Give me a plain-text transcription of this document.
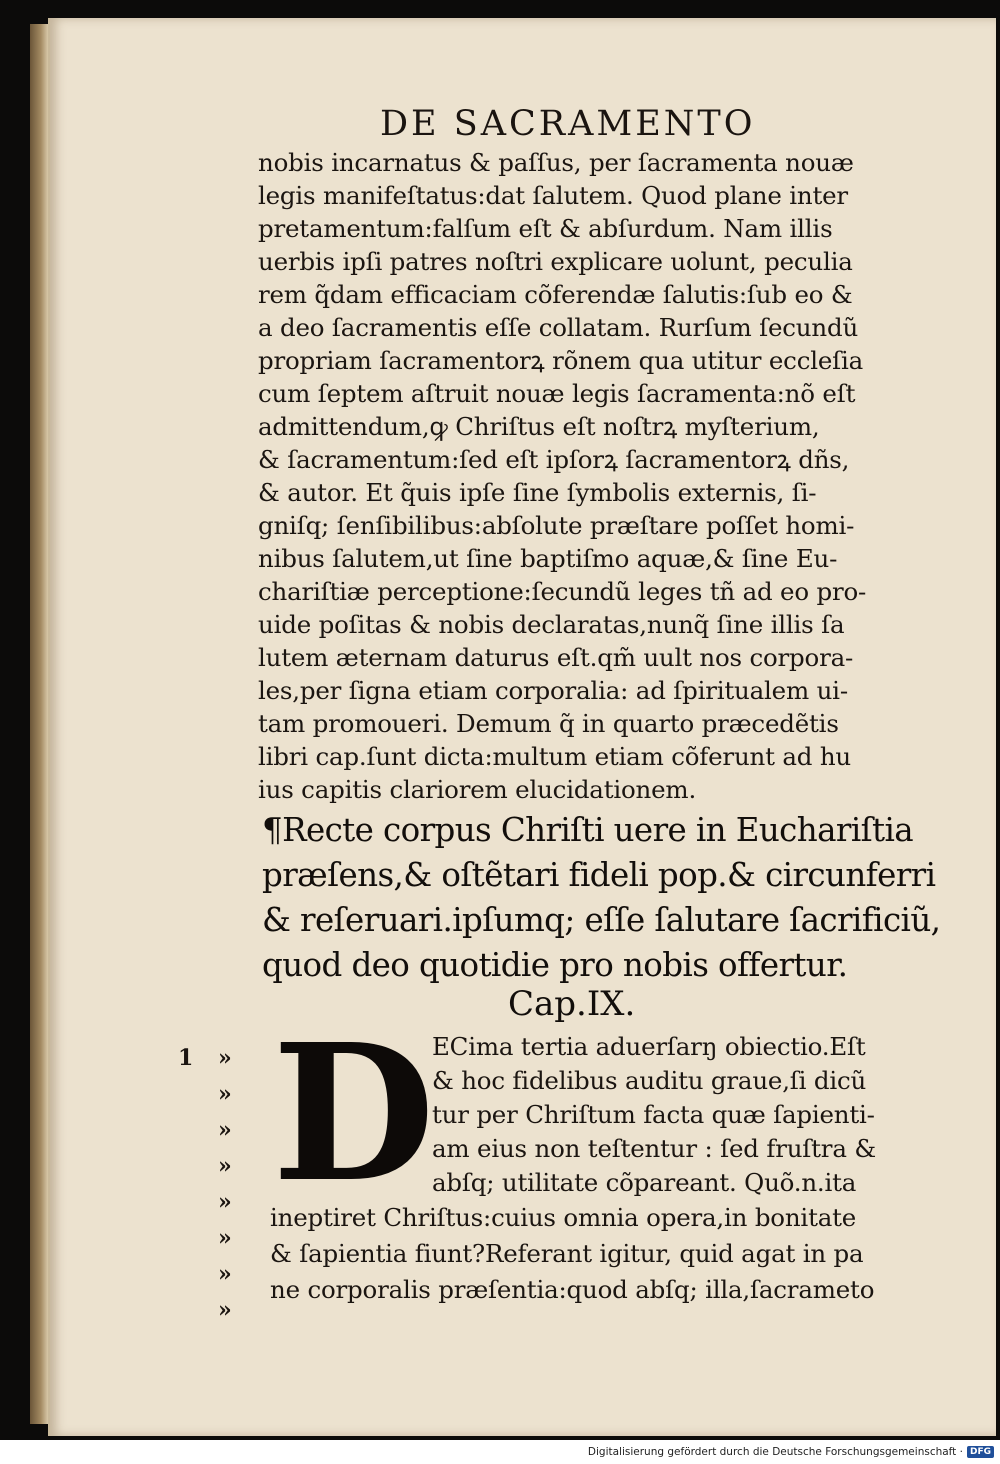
DE SACRAMENTO
nobis incarnatus & paſſus, per ſacramenta nouæ
legis manifeſtatus:dat ſalutem. Quod plane inter
pretamentum:falſum eſt & abſurdum. Nam illis
uerbis ipſi patres noſtri explicare uolunt, peculia
rem q̃dam efficaciam cõferendæ ſalutis:ſub eo &
a deo ſacramentis eſſe collatam. Rurſum ſecundũ
propriam ſacramentorꝝ rõnem qua utitur eccleſia
cum ſeptem aſtruit nouæ legis ſacramenta:nõ eſt
admittendum,ꝙ Chriſtus eſt noſtrꝝ myſterium,
& ſacramentum:ſed eſt ipſorꝝ ſacramentorꝝ dñs,
& autor. Et q̃uis ipſe ſine ſymbolis externis, ſi-
gniſq; ſenſibilibus:abſolute præſtare poſſet homi-
nibus ſalutem,ut ſine baptiſmo aquæ,& ſine Eu-
chariſtiæ perceptione:ſecundũ leges tñ ad eo pro-
uide poſitas & nobis declaratas,nunq̃ ſine illis ſa
lutem æternam daturus eſt.qm̃ uult nos corpora-
les,per ſigna etiam corporalia: ad ſpiritualem ui-
tam promoueri. Demum q̃ in quarto præcedẽtis
libri cap.ſunt dicta:multum etiam cõferunt ad hu
ius capitis clariorem elucidationem.
¶Recte corpus Chriſti uere in Euchariſtia
præſens,& oſtẽtari fideli pop.& circunferri
& reſeruari.ipſumq; eſſe ſalutare ſacrificiũ,
quod deo quotidie pro nobis offertur.
Cap.IX.
D
ECima tertia aduerſarŋ obiectio.Eſt
& hoc fidelibus auditu graue,ſi dicũ
tur per Chriſtum facta quæ ſapienti-
am eius non teſtentur : ſed fruſtra &
abſq; utilitate cõpareant. Quõ.n.ita
ineptiret Chriſtus:cuius omnia opera,in bonitate
& ſapientia fiunt?Referant igitur, quid agat in pa
ne corporalis præſentia:quod abſq; illa,ſacrameto
1 »
»
»
»
»
»
»
»
Digitalisierung gefördert durch die Deutsche Forschungsgemeinschaft · DFG
